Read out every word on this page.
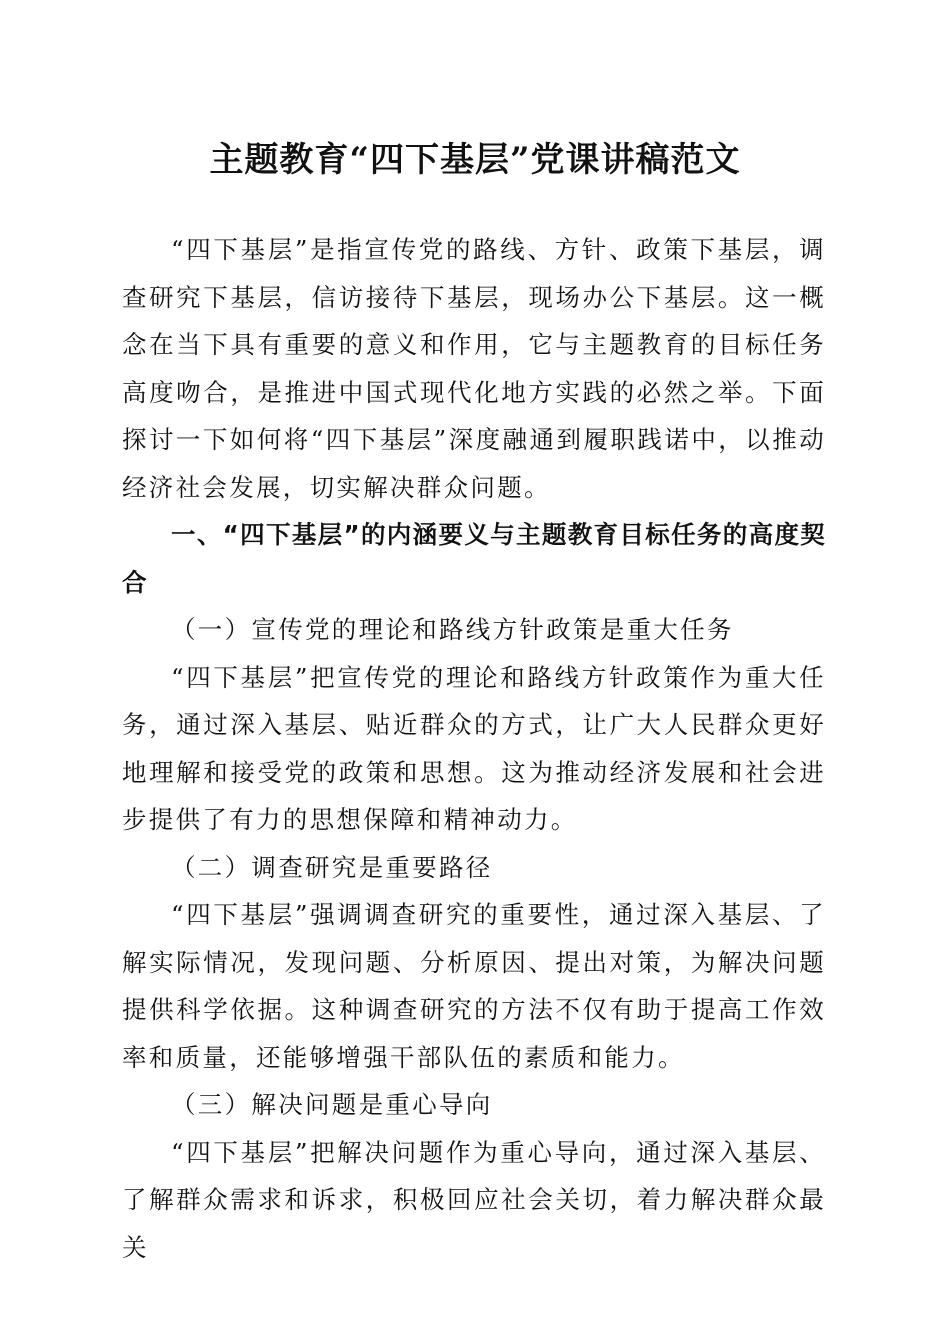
主题教育“四下基层”党课讲稿范文

“四下基层”是指宣传党的路线、方针、政策下基层，调查研究下基层，信访接待下基层，现场办公下基层。这一概念在当下具有重要的意义和作用，它与主题教育的目标任务高度吻合，是推进中国式现代化地方实践的必然之举。下面探讨一下如何将“四下基层”深度融通到履职践诺中，以推动经济社会发展，切实解决群众问题。

一、“四下基层”的内涵要义与主题教育目标任务的高度契合

（一）宣传党的理论和路线方针政策是重大任务

“四下基层”把宣传党的理论和路线方针政策作为重大任务，通过深入基层、贴近群众的方式，让广大人民群众更好地理解和接受党的政策和思想。这为推动经济发展和社会进步提供了有力的思想保障和精神动力。

（二）调查研究是重要路径

“四下基层”强调调查研究的重要性，通过深入基层、了解实际情况，发现问题、分析原因、提出对策，为解决问题提供科学依据。这种调查研究的方法不仅有助于提高工作效率和质量，还能够增强干部队伍的素质和能力。

（三）解决问题是重心导向

“四下基层”把解决问题作为重心导向，通过深入基层、了解群众需求和诉求，积极回应社会关切，着力解决群众最关
